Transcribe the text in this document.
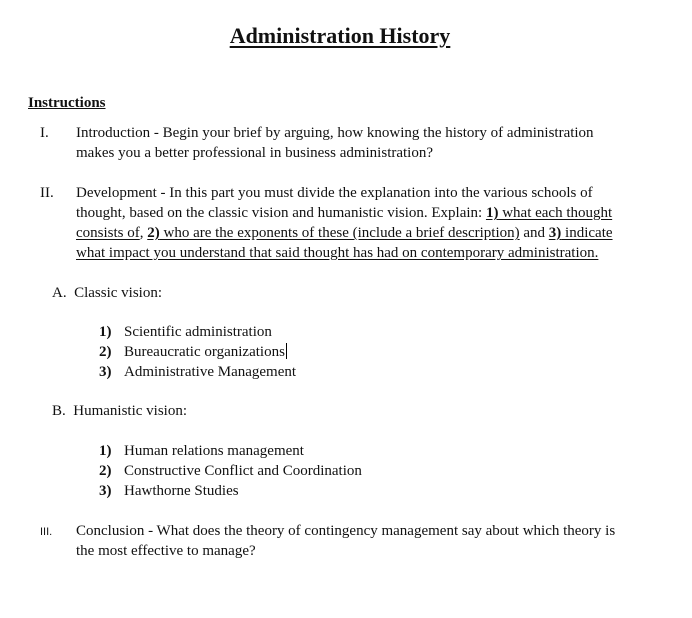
Administration History
Instructions
I. Introduction - Begin your brief by arguing, how knowing the history of administration
makes you a better professional in business administration?
II. Development - In this part you must divide the explanation into the various schools of
thought, based on the classic vision and humanistic vision. Explain: 1) what each thought
consists of, 2) who are the exponents of these (include a brief description) and 3) indicate
what impact you understand that said thought has had on contemporary administration.
A. Classic vision:
1) Scientific administration
2) Bureaucratic organizations
3) Administrative Management
B. Humanistic vision:
1) Human relations management
2) Constructive Conflict and Coordination
3) Hawthorne Studies
III. Conclusion - What does the theory of contingency management say about which theory is
the most effective to manage?
